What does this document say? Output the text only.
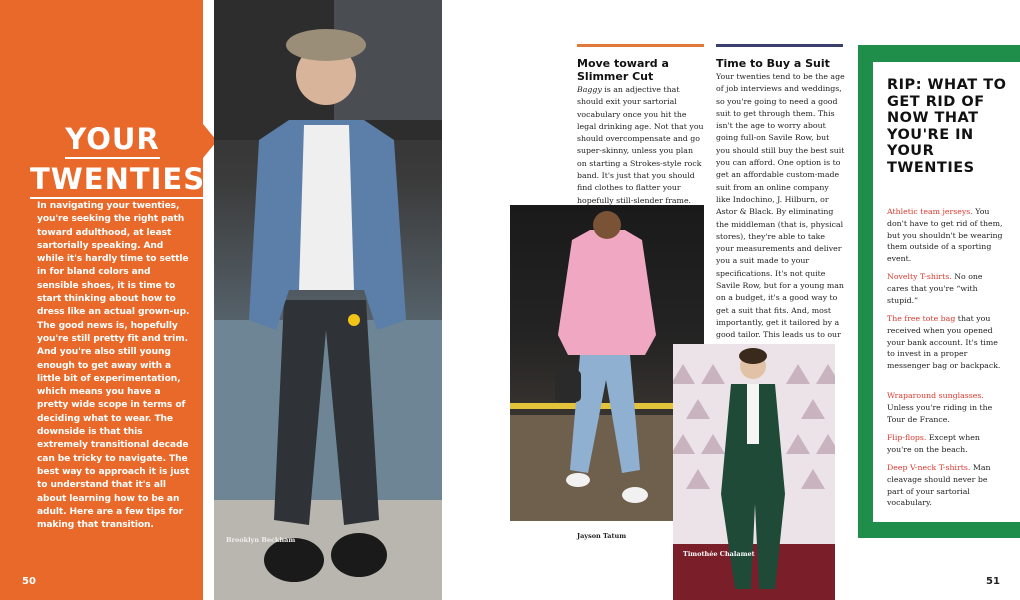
YOUR
TWENTIES
In navigating your twenties, you're seeking the right path toward adulthood, at least sartorially speaking. And while it's hardly time to settle in for bland colors and sensible shoes, it is time to start thinking about how to dress like an actual grown-up. The good news is, hopefully you're still pretty fit and trim. And you're also still young enough to get away with a little bit of experimentation, which means you have a pretty wide scope in terms of deciding what to wear. The downside is that this extremely transitional decade can be tricky to navigate. The best way to approach it is just to understand that it's all about learning how to be an adult. Here are a few tips for making that transition.
50
Brooklyn Beckham
Move toward a Slimmer Cut
Baggy is an adjective that should exit your sartorial vocabulary once you hit the legal drinking age. Not that you should overcompensate and go super-skinny, unless you plan on starting a Strokes-style rock band. It's just that you should find clothes to flatter your hopefully still-slender frame.
Time to Buy a Suit
Your twenties tend to be the age of job interviews and weddings, so you're going to need a good suit to get through them. This isn't the age to worry about going full-on Savile Row, but you should still buy the best suit you can afford. One option is to get an affordable custom-made suit from an online company like Indochino, J. Hilburn, or Astor & Black. By eliminating the middleman (that is, physical stores), they're able to take your measurements and deliver you a suit made to your specifications. It's not quite Savile Row, but for a young man on a budget, it's a good way to get a suit that fits. And, most importantly, get it tailored by a good tailor. This leads us to our
Jayson Tatum
Timothée Chalamet
RIP: WHAT TO GET RID OF NOW THAT YOU'RE IN YOUR TWENTIES
Athletic team jerseys. You don't have to get rid of them, but you shouldn't be wearing them outside of a sporting event.
Novelty T-shirts. No one cares that you're “with stupid.”
The free tote bag that you received when you opened your bank account. It's time to invest in a proper messenger bag or backpack.
Wraparound sunglasses. Unless you're riding in the Tour de France.
Flip-flops. Except when you're on the beach.
Deep V-neck T-shirts. Man cleavage should never be part of your sartorial vocabulary.
51
